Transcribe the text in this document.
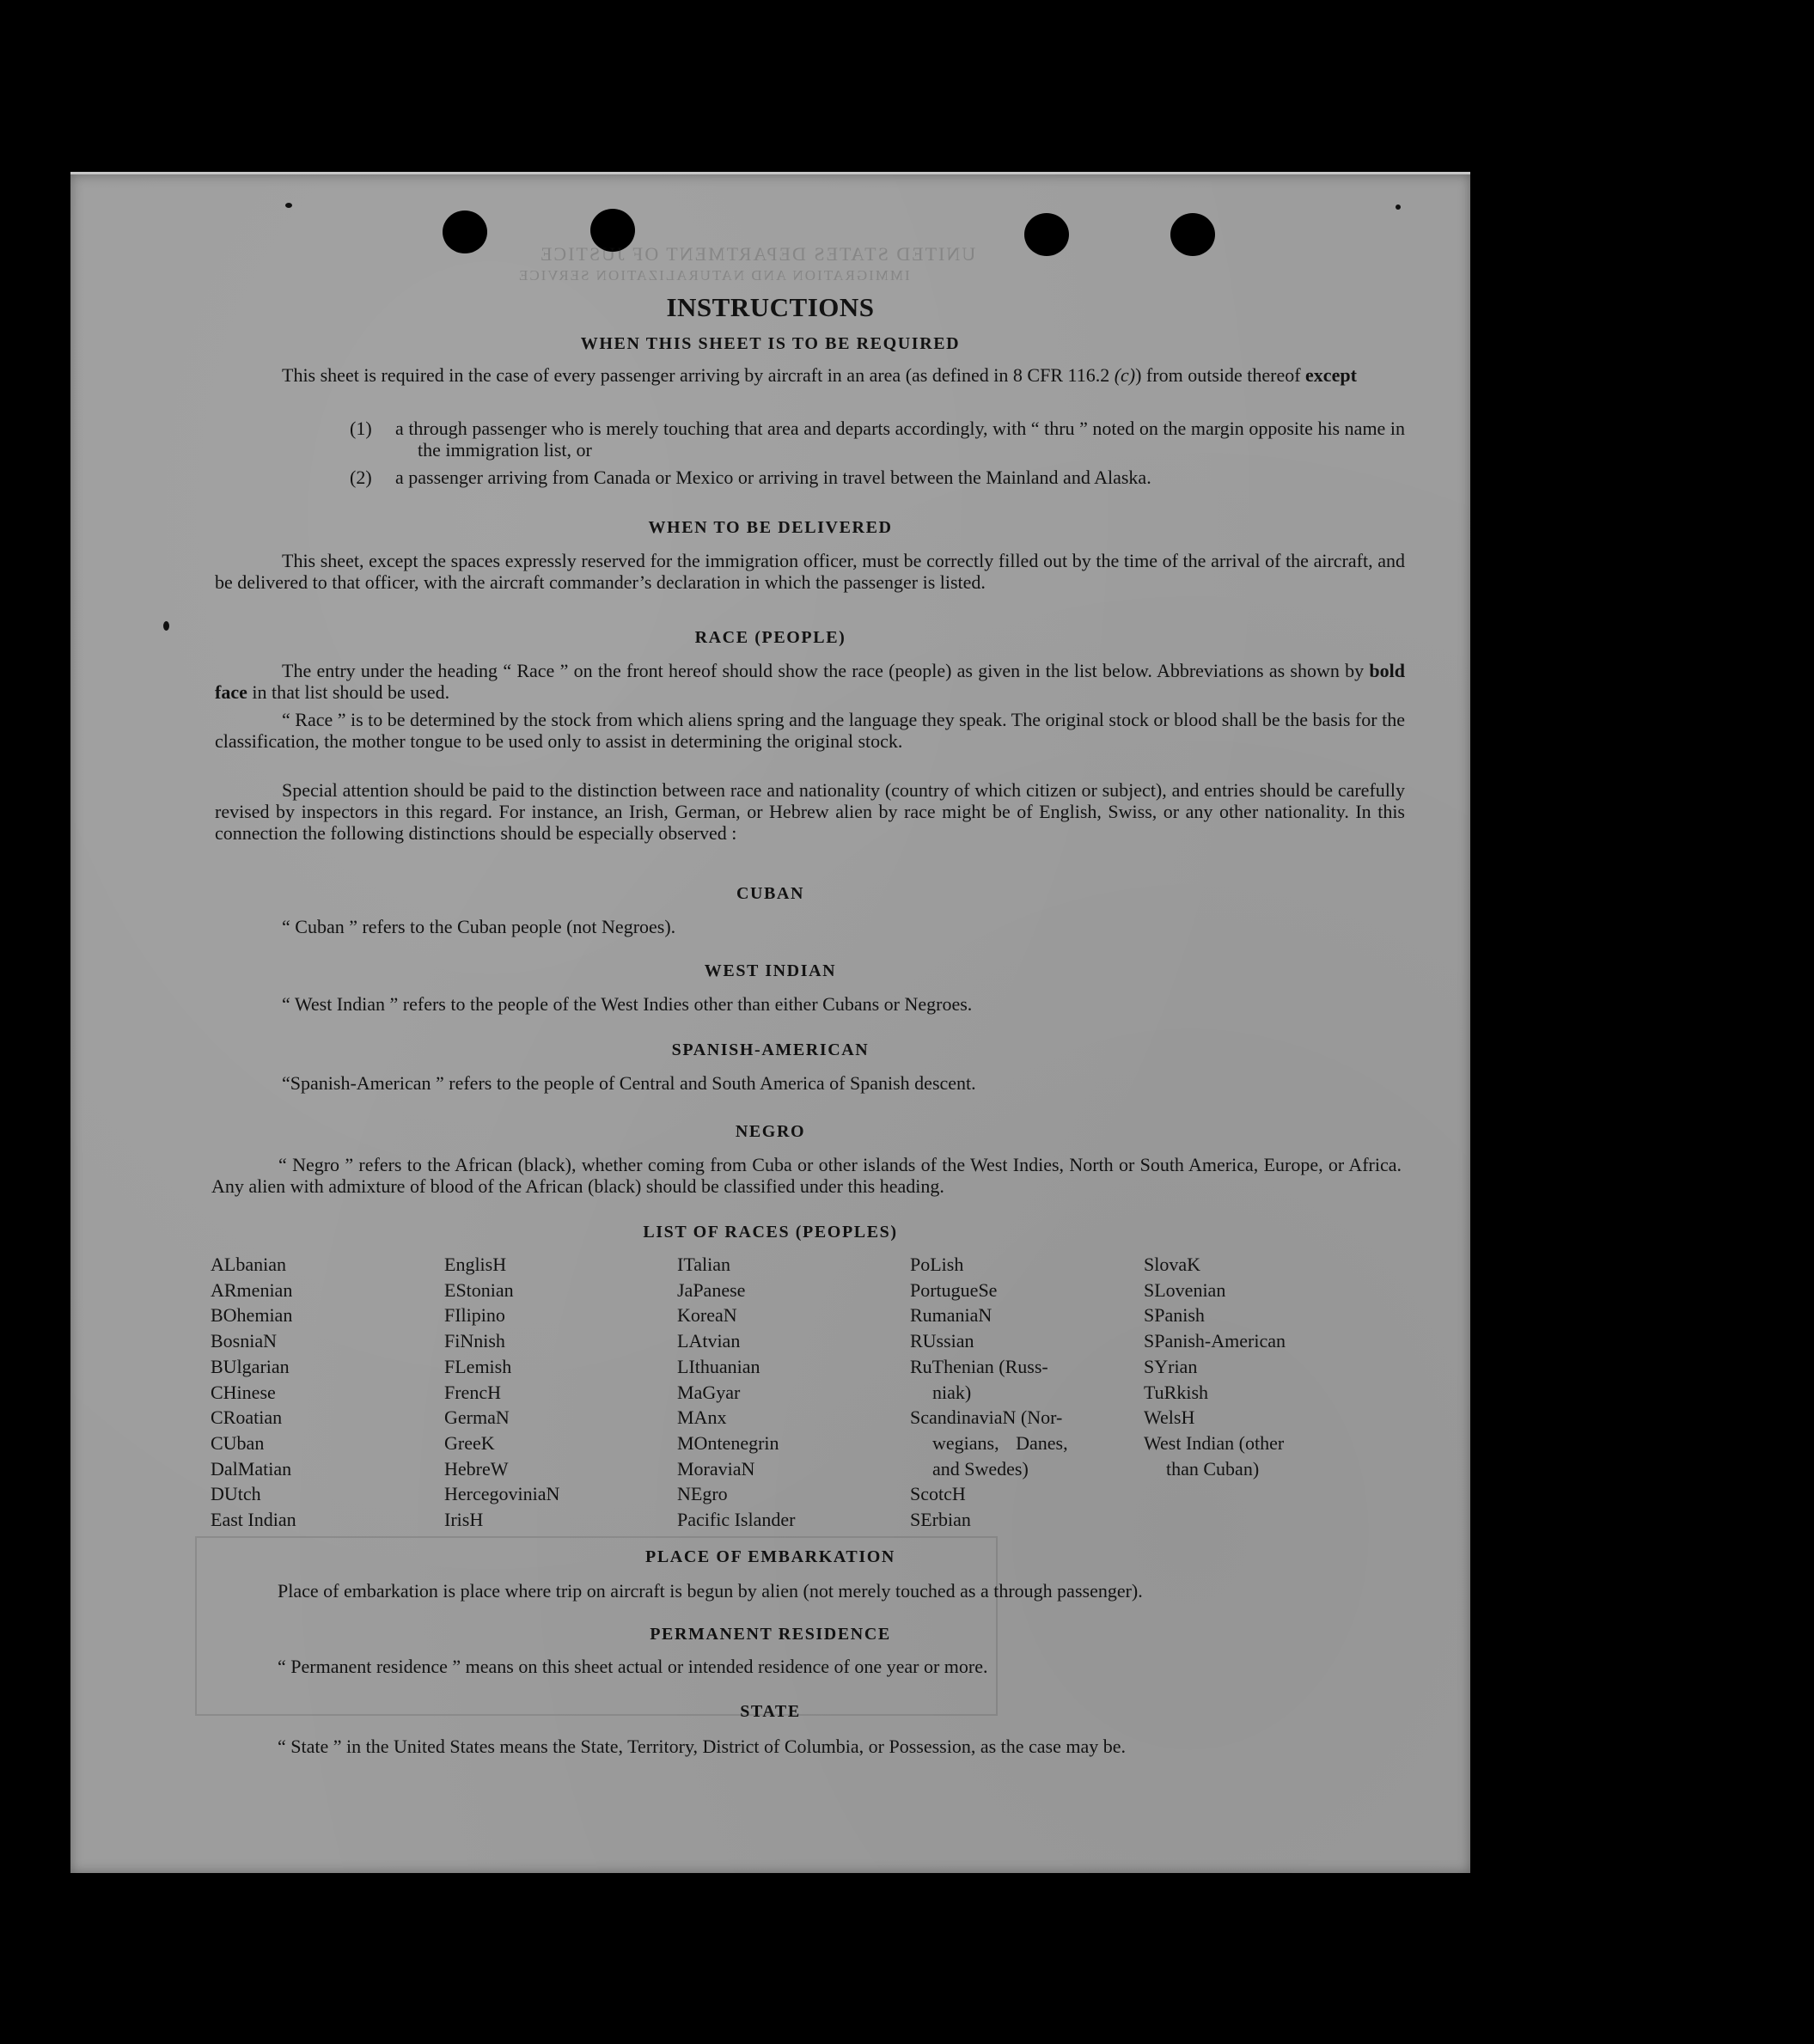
UNITED STATES DEPARTMENT OF JUSTICE
IMMIGRATION AND NATURALIZATION SERVICE
INSTRUCTIONS
WHEN THIS SHEET IS TO BE REQUIRED
This sheet is required in the case of every passenger arriving by aircraft in an area (as defined in 8 CFR 116.2 (c)) from outside thereof except
(1) a through passenger who is merely touching that area and departs accordingly, with “ thru ” noted on the margin opposite his name in the immigration list, or
(2) a passenger arriving from Canada or Mexico or arriving in travel between the Mainland and Alaska.
WHEN TO BE DELIVERED
This sheet, except the spaces expressly reserved for the immigration officer, must be correctly filled out by the time of the arrival of the aircraft, and be delivered to that officer, with the aircraft commander’s declaration in which the passenger is listed.
RACE (PEOPLE)
The entry under the heading “ Race ” on the front hereof should show the race (people) as given in the list below. Abbreviations as shown by bold face in that list should be used.
“ Race ” is to be determined by the stock from which aliens spring and the language they speak. The original stock or blood shall be the basis for the classification, the mother tongue to be used only to assist in determining the original stock.
Special attention should be paid to the distinction between race and nationality (country of which citizen or subject), and entries should be carefully revised by inspectors in this regard. For instance, an Irish, German, or Hebrew alien by race might be of English, Swiss, or any other nationality. In this connection the following distinctions should be especially observed :
CUBAN
“ Cuban ” refers to the Cuban people (not Negroes).
WEST INDIAN
“ West Indian ” refers to the people of the West Indies other than either Cubans or Negroes.
SPANISH-AMERICAN
“Spanish-American ” refers to the people of Central and South America of Spanish descent.
NEGRO
“ Negro ” refers to the African (black), whether coming from Cuba or other islands of the West Indies, North or South America, Europe, or Africa. Any alien with admixture of blood of the African (black) should be classified under this heading.
LIST OF RACES (PEOPLES)
ALbanian
ARmenian
BOhemian
BosniaN
BUlgarian
CHinese
CRoatian
CUban
DalMatian
DUtch
East Indian
EnglisH
EStonian
FIlipino
FiNnish
FLemish
FrencH
GermaN
GreeK
HebreW
HercegoviniaN
IrisH
ITalian
JaPanese
KoreaN
LAtvian
LIthuanian
MaGyar
MAnx
MOntenegrin
MoraviaN
NEgro
Pacific Islander
PoLish
PortugueSe
RumaniaN
RUssian
RuThenian (Russ-
niak)
ScandinaviaN (Nor-
wegians, Danes,
and Swedes)
ScotcH
SErbian
SlovaK
SLovenian
SPanish
SPanish-American
SYrian
TuRkish
WelsH
West Indian (other
than Cuban)
PLACE OF EMBARKATION
Place of embarkation is place where trip on aircraft is begun by alien (not merely touched as a through passenger).
PERMANENT RESIDENCE
“ Permanent residence ” means on this sheet actual or intended residence of one year or more.
STATE
“ State ” in the United States means the State, Territory, District of Columbia, or Possession, as the case may be.
